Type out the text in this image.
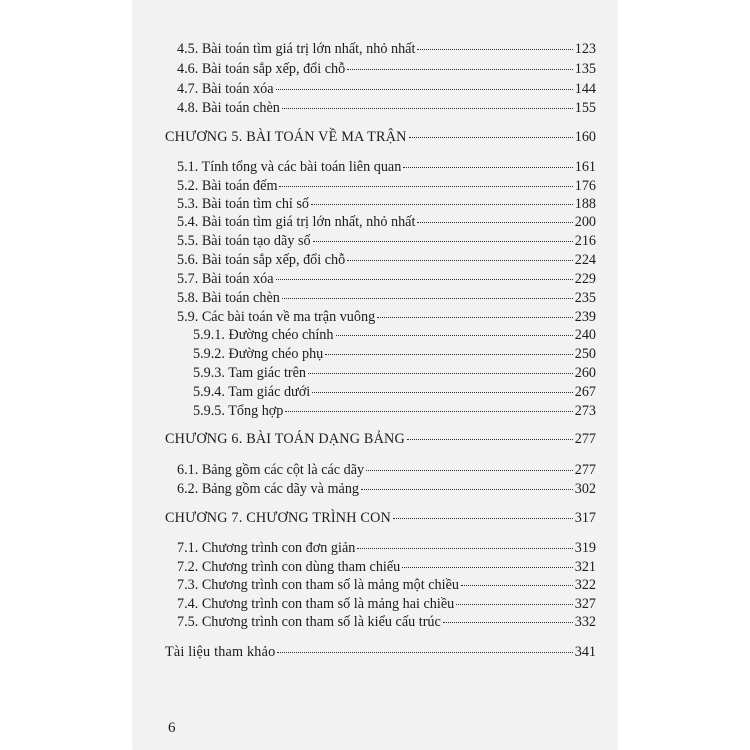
4.5. Bài toán tìm giá trị lớn nhất, nhỏ nhất	123
4.6. Bài toán sắp xếp, đổi chỗ	135
4.7. Bài toán xóa	144
4.8. Bài toán chèn	155
CHƯƠNG 5. BÀI TOÁN VỀ MA TRẬN	160
5.1. Tính tổng và các bài toán liên quan	161
5.2. Bài toán đếm	176
5.3. Bài toán tìm chỉ số	188
5.4. Bài toán tìm giá trị lớn nhất, nhỏ nhất	200
5.5. Bài toán tạo dãy số	216
5.6. Bài toán sắp xếp, đổi chỗ	224
5.7. Bài toán xóa	229
5.8. Bài toán chèn	235
5.9. Các bài toán về ma trận vuông	239
5.9.1. Đường chéo chính	240
5.9.2. Đường chéo phụ	250
5.9.3. Tam giác trên	260
5.9.4. Tam giác dưới	267
5.9.5. Tổng hợp	273
CHƯƠNG 6. BÀI TOÁN DẠNG BẢNG	277
6.1. Bảng gồm các cột là các dãy	277
6.2. Bảng gồm các dãy và mảng	302
CHƯƠNG 7. CHƯƠNG TRÌNH CON	317
7.1. Chương trình con đơn giản	319
7.2. Chương trình con dùng tham chiếu	321
7.3. Chương trình con tham số là mảng một chiều	322
7.4. Chương trình con tham số là mảng hai chiều	327
7.5. Chương trình con tham số là kiểu cấu trúc	332
Tài liệu tham khảo	341
6
